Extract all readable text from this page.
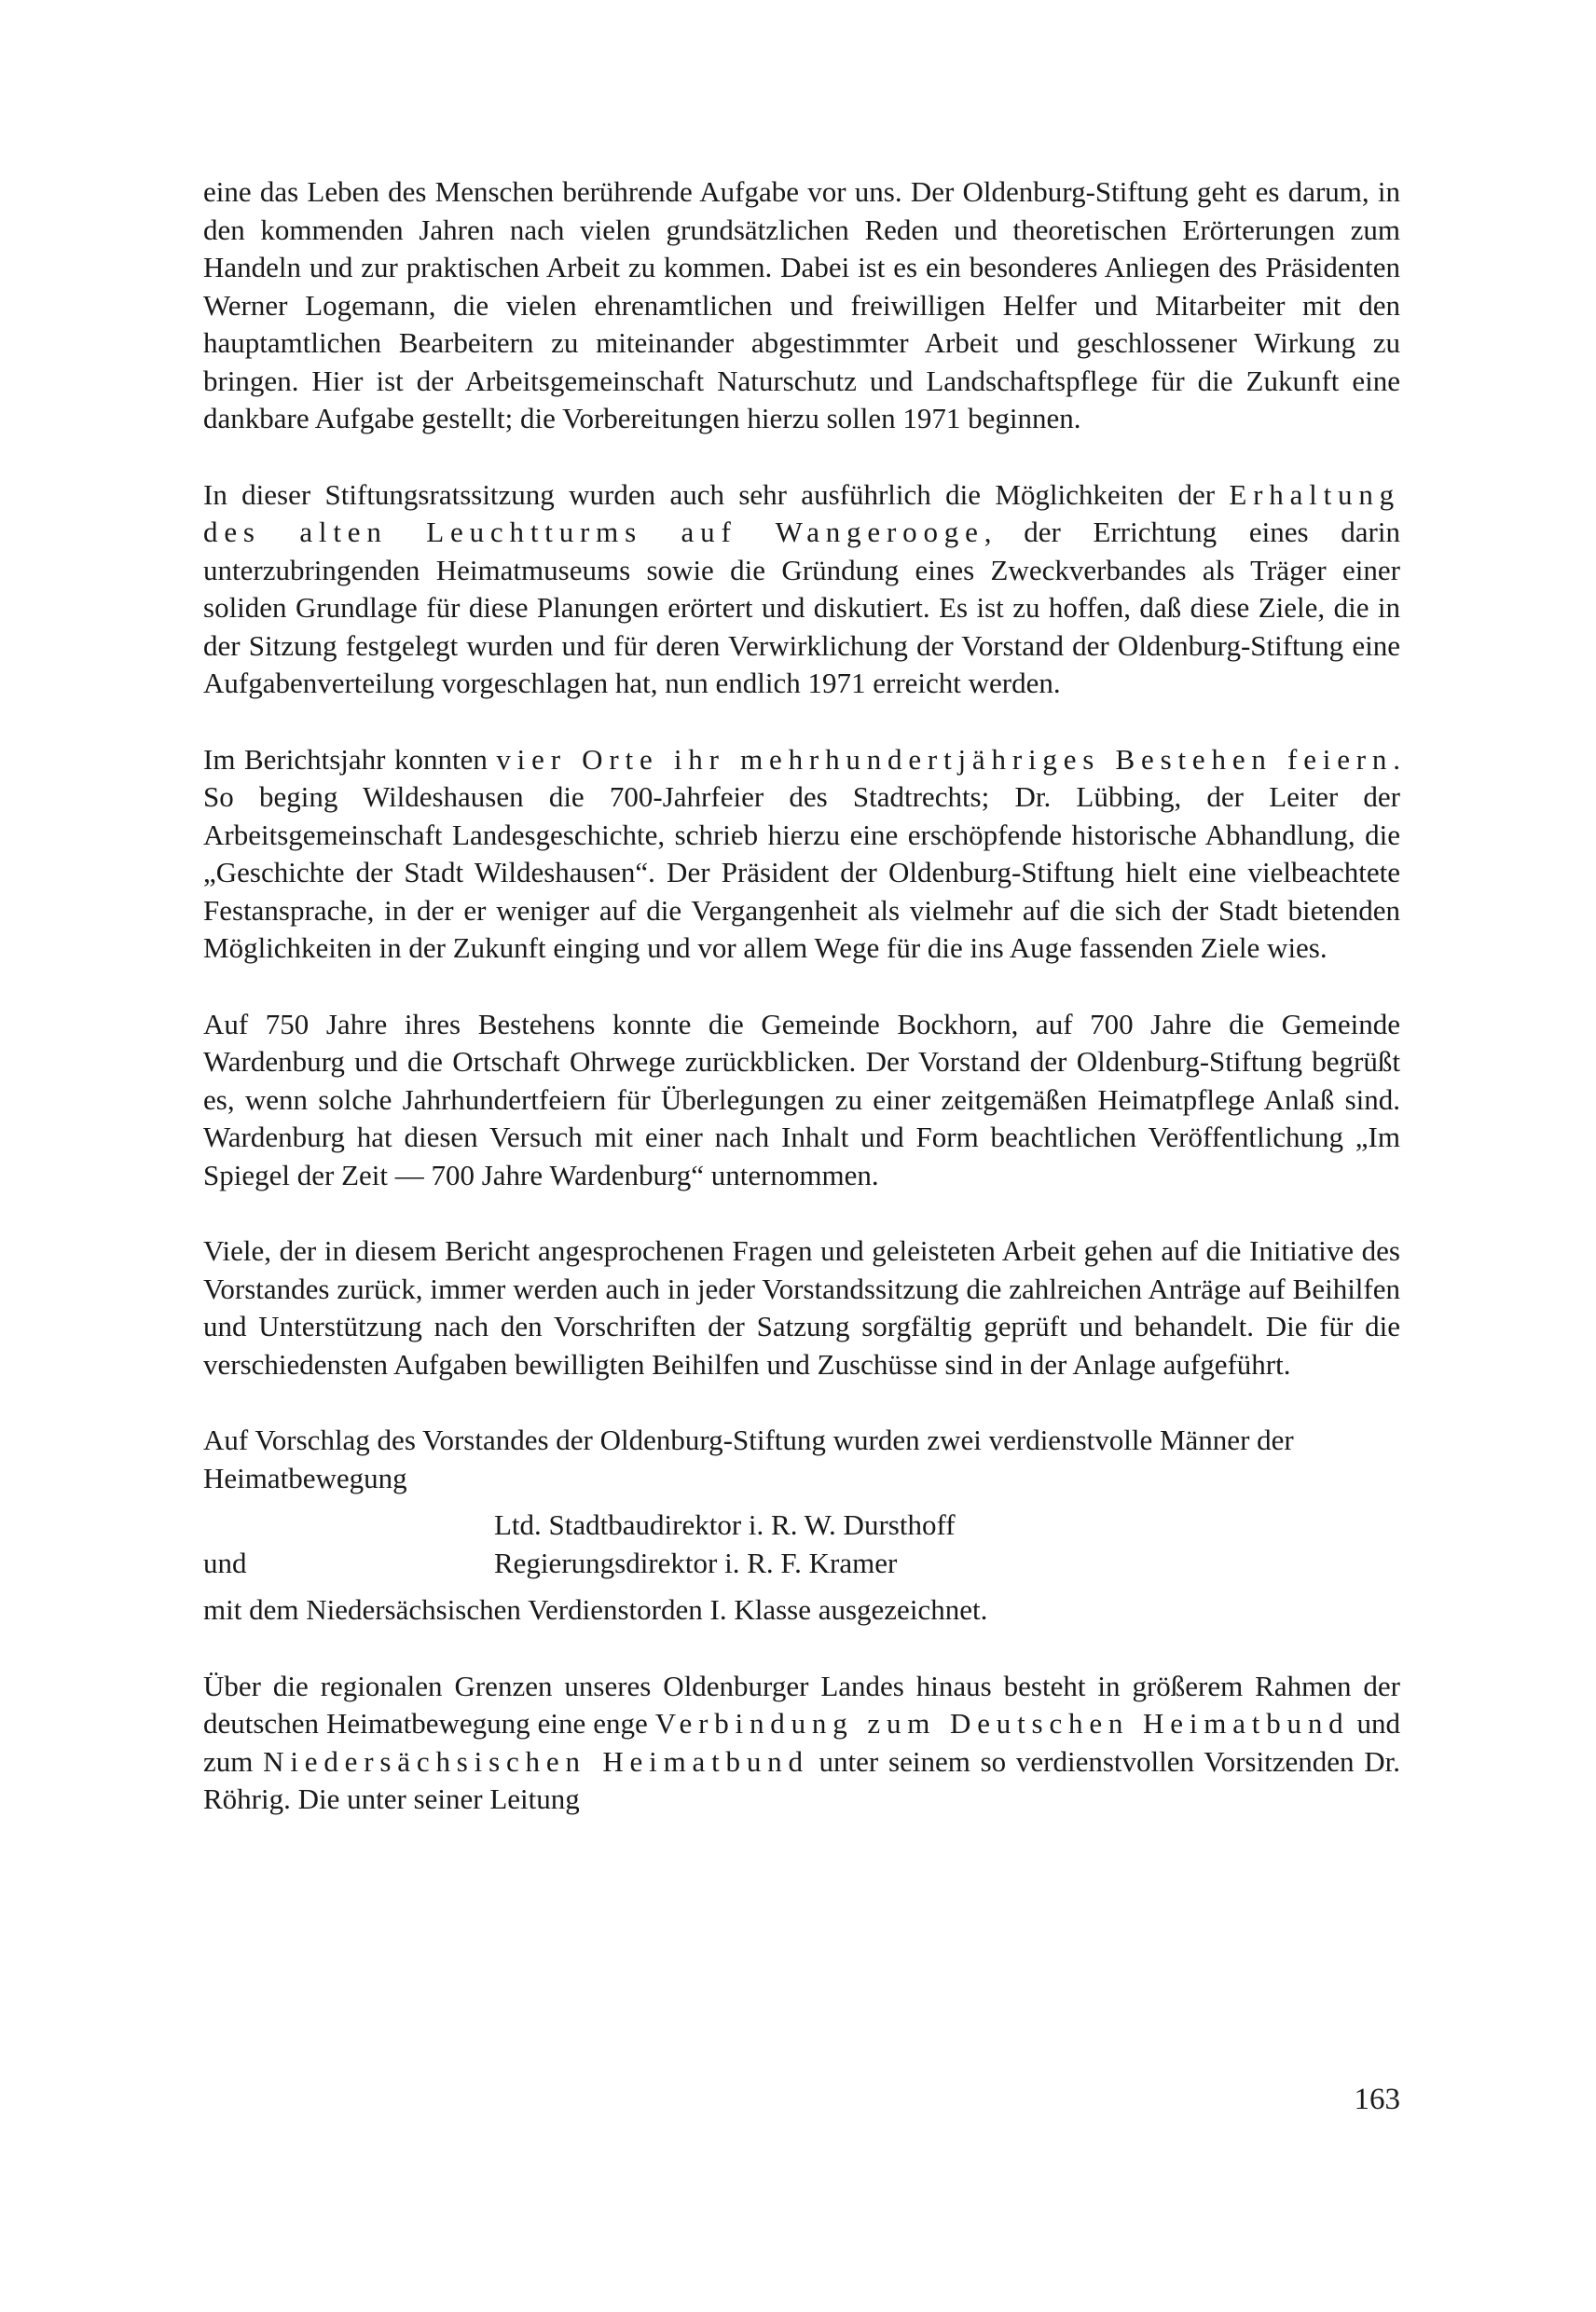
eine das Leben des Menschen berührende Aufgabe vor uns. Der Oldenburg-Stiftung geht es darum, in den kommenden Jahren nach vielen grundsätzlichen Reden und theoretischen Erörterungen zum Handeln und zur praktischen Arbeit zu kommen. Dabei ist es ein besonderes Anliegen des Präsidenten Werner Logemann, die vielen ehrenamtlichen und freiwilligen Helfer und Mitarbeiter mit den hauptamtlichen Bearbeitern zu miteinander abgestimmter Arbeit und geschlossener Wirkung zu bringen. Hier ist der Arbeitsgemeinschaft Naturschutz und Landschaftspflege für die Zukunft eine dankbare Aufgabe gestellt; die Vorbereitungen hierzu sollen 1971 beginnen.

In dieser Stiftungsratssitzung wurden auch sehr ausführlich die Möglichkeiten der Erhaltung des alten Leuchtturms auf Wangerooge, der Errichtung eines darin unterzubringenden Heimatmuseums sowie die Gründung eines Zweckverbandes als Träger einer soliden Grundlage für diese Planungen erörtert und diskutiert. Es ist zu hoffen, daß diese Ziele, die in der Sitzung festgelegt wurden und für deren Verwirklichung der Vorstand der Oldenburg-Stiftung eine Aufgabenverteilung vorgeschlagen hat, nun endlich 1971 erreicht werden.

Im Berichtsjahr konnten vier Orte ihr mehrhundertjähriges Bestehen feiern. So beging Wildeshausen die 700-Jahrfeier des Stadtrechts; Dr. Lübbing, der Leiter der Arbeitsgemeinschaft Landesgeschichte, schrieb hierzu eine erschöpfende historische Abhandlung, die „Geschichte der Stadt Wildeshausen“. Der Präsident der Oldenburg-Stiftung hielt eine vielbeachtete Festansprache, in der er weniger auf die Vergangenheit als vielmehr auf die sich der Stadt bietenden Möglichkeiten in der Zukunft einging und vor allem Wege für die ins Auge fassenden Ziele wies.

Auf 750 Jahre ihres Bestehens konnte die Gemeinde Bockhorn, auf 700 Jahre die Gemeinde Wardenburg und die Ortschaft Ohrwege zurückblicken. Der Vorstand der Oldenburg-Stiftung begrüßt es, wenn solche Jahrhundertfeiern für Überlegungen zu einer zeitgemäßen Heimatpflege Anlaß sind. Wardenburg hat diesen Versuch mit einer nach Inhalt und Form beachtlichen Veröffentlichung „Im Spiegel der Zeit — 700 Jahre Wardenburg“ unternommen.

Viele, der in diesem Bericht angesprochenen Fragen und geleisteten Arbeit gehen auf die Initiative des Vorstandes zurück, immer werden auch in jeder Vorstandssitzung die zahlreichen Anträge auf Beihilfen und Unterstützung nach den Vorschriften der Satzung sorgfältig geprüft und behandelt. Die für die verschiedensten Aufgaben bewilligten Beihilfen und Zuschüsse sind in der Anlage aufgeführt.

Auf Vorschlag des Vorstandes der Oldenburg-Stiftung wurden zwei verdienstvolle Männer der Heimatbewegung

Ltd. Stadtbaudirektor i. R. W. Dursthoff
und	Regierungsdirektor i. R. F. Kramer

mit dem Niedersächsischen Verdienstorden I. Klasse ausgezeichnet.

Über die regionalen Grenzen unseres Oldenburger Landes hinaus besteht in größerem Rahmen der deutschen Heimatbewegung eine enge Verbindung zum Deutschen Heimatbund und zum Niedersächsischen Heimatbund unter seinem so verdienstvollen Vorsitzenden Dr. Röhrig. Die unter seiner Leitung

163
